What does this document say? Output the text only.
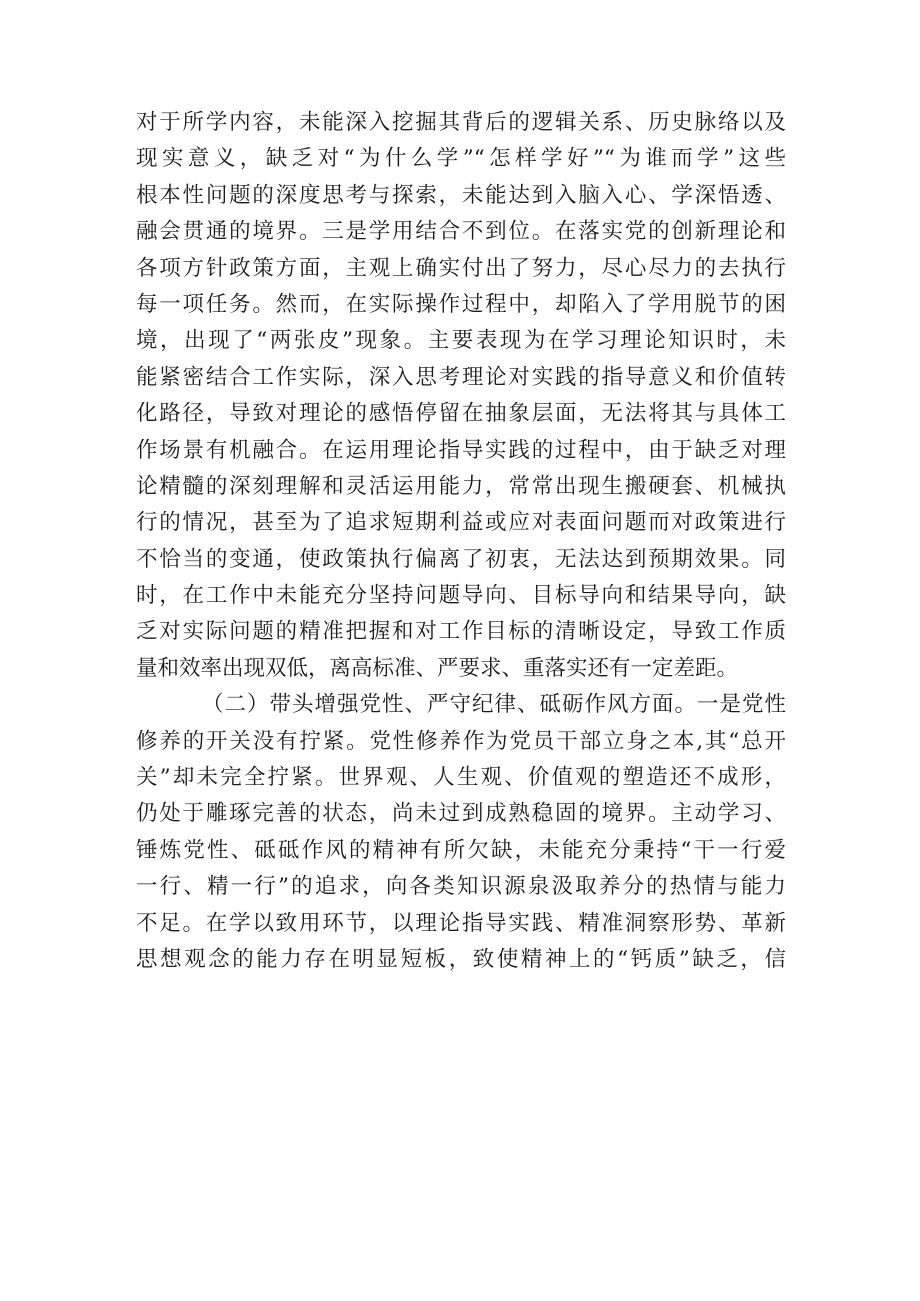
对于所学内容，未能深入挖掘其背后的逻辑关系、历史脉络以及
现实意义，缺乏对“为什么学”“怎样学好”“为谁而学”这些
根本性问题的深度思考与探索，未能达到入脑入心、学深悟透、
融会贯通的境界。三是学用结合不到位。在落实党的创新理论和
各项方针政策方面，主观上确实付出了努力，尽心尽力的去执行
每一项任务。然而，在实际操作过程中，却陷入了学用脱节的困
境，出现了“两张皮”现象。主要表现为在学习理论知识时，未
能紧密结合工作实际，深入思考理论对实践的指导意义和价值转
化路径，导致对理论的感悟停留在抽象层面，无法将其与具体工
作场景有机融合。在运用理论指导实践的过程中，由于缺乏对理
论精髓的深刻理解和灵活运用能力，常常出现生搬硬套、机械执
行的情况，甚至为了追求短期利益或应对表面问题而对政策进行
不恰当的变通，使政策执行偏离了初衷，无法达到预期效果。同
时，在工作中未能充分坚持问题导向、目标导向和结果导向，缺
乏对实际问题的精准把握和对工作目标的清晰设定，导致工作质
量和效率出现双低，离高标准、严要求、重落实还有一定差距。
（二）带头增强党性、严守纪律、砥砺作风方面。一是党性
修养的开关没有拧紧。党性修养作为党员干部立身之本,其“总开
关”却未完全拧紧。世界观、人生观、价值观的塑造还不成形，
仍处于雕琢完善的状态，尚未过到成熟稳固的境界。主动学习、
锤炼党性、砥砥作风的精神有所欠缺，未能充分秉持“干一行爱
一行、精一行”的追求，向各类知识源泉汲取养分的热情与能力
不足。在学以致用环节，以理论指导实践、精准洞察形势、革新
思想观念的能力存在明显短板，致使精神上的“钙质”缺乏，信
